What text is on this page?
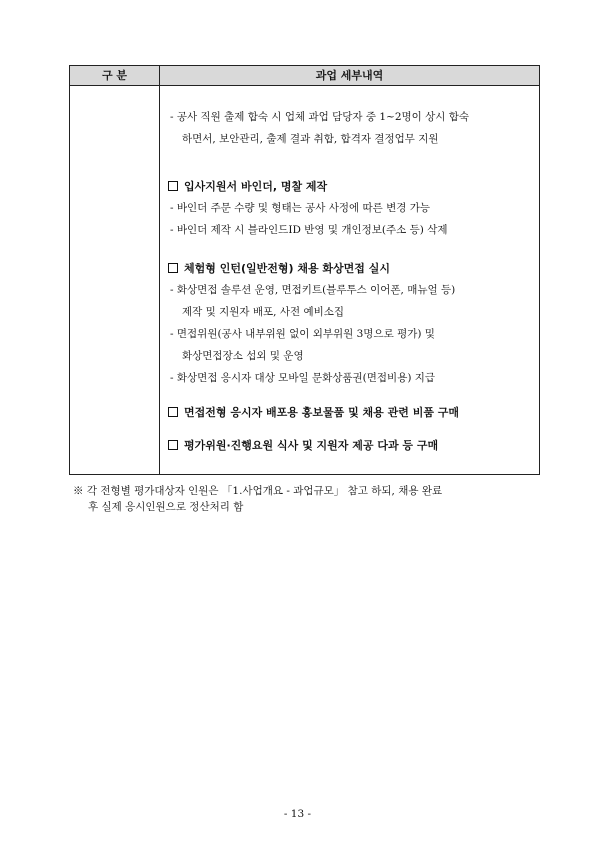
구 분	과업 세부내역
- 공사 직원 출제 합숙 시 업체 과업 담당자 중 1~2명이 상시 합숙
하면서, 보안관리, 출제 결과 취합, 합격자 결정업무 지원
입사지원서 바인더, 명찰 제작
- 바인더 주문 수량 및 형태는 공사 사정에 따른 변경 가능
- 바인더 제작 시 블라인드ID 반영 및 개인정보(주소 등) 삭제
체험형 인턴(일반전형) 채용 화상면접 실시
- 화상면접 솔루션 운영, 면접키트(블루투스 이어폰, 매뉴얼 등)
제작 및 지원자 배포, 사전 예비소집
- 면접위원(공사 내부위원 없이 외부위원 3명으로 평가) 및
화상면접장소 섭외 및 운영
- 화상면접 응시자 대상 모바일 문화상품권(면접비용) 지급
면접전형 응시자 배포용 홍보물품 및 채용 관련 비품 구매
평가위원·진행요원 식사 및 지원자 제공 다과 등 구매
※ 각 전형별 평가대상자 인원은 「1.사업개요 - 과업규모」 참고 하되, 채용 완료
후 실제 응시인원으로 정산처리 함
- 13 -
